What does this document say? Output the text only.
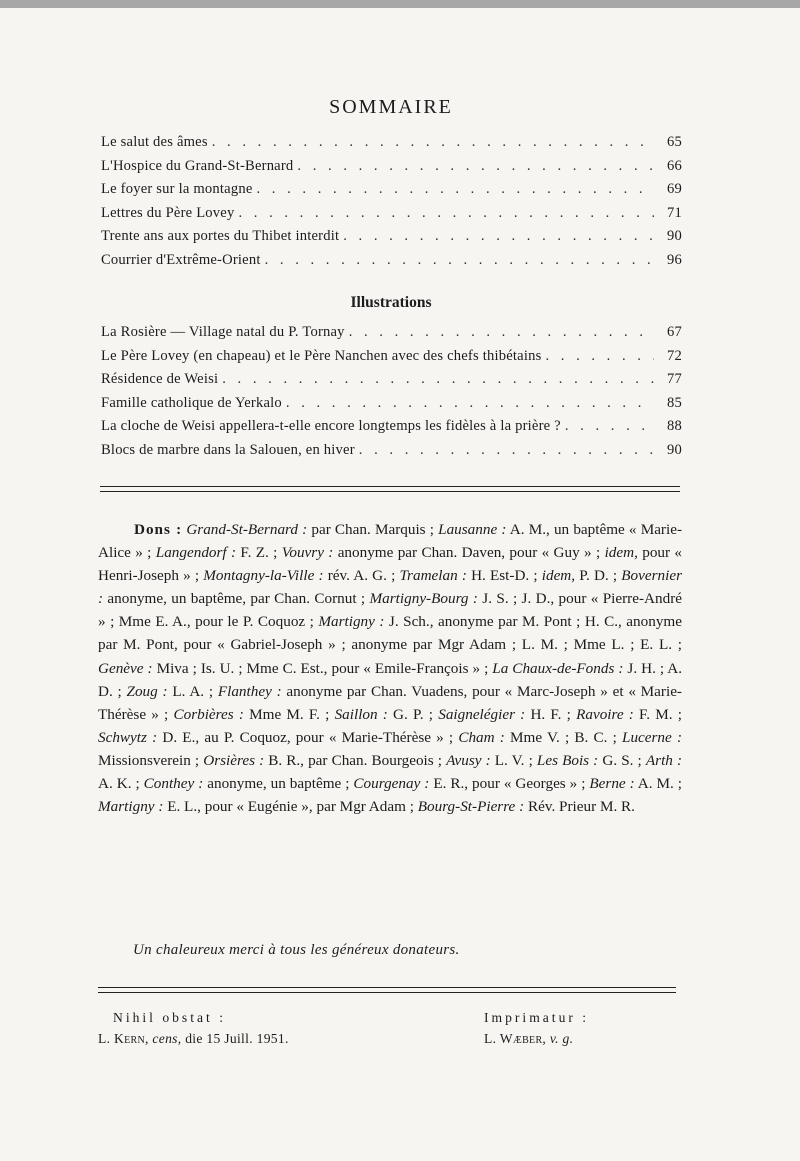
SOMMAIRE
Le salut des âmes . . .	65
L'Hospice du Grand-St-Bernard . . .	66
Le foyer sur la montagne . . .	69
Lettres du Père Lovey . . .	71
Trente ans aux portes du Thibet interdit . . .	90
Courrier d'Extrême-Orient . . .	96
Illustrations
La Rosière — Village natal du P. Tornay . . .	67
Le Père Lovey (en chapeau) et le Père Nanchen avec des chefs thibétains . . .	72
Résidence de Weisi . . .	77
Famille catholique de Yerkalo . . .	85
La cloche de Weisi appellera-t-elle encore longtemps les fidèles à la prière ? . . .	88
Blocs de marbre dans la Salouen, en hiver . . .	90
Dons : Grand-St-Bernard : par Chan. Marquis ; Lausanne : A. M., un baptême « Marie-Alice » ; Langendorf : F. Z. ; Vouvry : anonyme par Chan. Daven, pour « Guy » ; idem, pour « Henri-Joseph » ; Montagny-la-Ville : rév. A. G. ; Tramelan : H. Est-D. ; idem, P. D. ; Bovernier : anonyme, un baptême, par Chan. Cornut ; Martigny-Bourg : J. S. ; J. D., pour « Pierre-André » ; Mme E. A., pour le P. Coquoz ; Martigny : J. Sch., anonyme par M. Pont ; H. C., anonyme par M. Pont, pour « Gabriel-Joseph » ; anonyme par Mgr Adam ; L. M. ; Mme L. ; E. L. ; Genève : Miva ; Is. U. ; Mme C. Est., pour « Emile-François » ; La Chaux-de-Fonds : J. H. ; A. D. ; Zoug : L. A. ; Flanthey : anonyme par Chan. Vuadens, pour « Marc-Joseph » et « Marie-Thérèse » ; Corbières : Mme M. F. ; Saillon : G. P. ; Saignelégier : H. F. ; Ravoire : F. M. ; Schwytz : D. E., au P. Coquoz, pour « Marie-Thérèse » ; Cham : Mme V. ; B. C. ; Lucerne : Missionsverein ; Orsières : B. R., par Chan. Bourgeois ; Avusy : L. V. ; Les Bois : G. S. ; Arth : A. K. ; Conthey : anonyme, un baptême ; Courgenay : E. R., pour « Georges » ; Berne : A. M. ; Martigny : E. L., pour « Eugénie », par Mgr Adam ; Bourg-St-Pierre : Rév. Prieur M. R.
Un chaleureux merci à tous les généreux donateurs.
Nihil obstat :
L. Kern, cens, die 15 Juill. 1951.
Imprimatur :
L. Wæber, v. g.
